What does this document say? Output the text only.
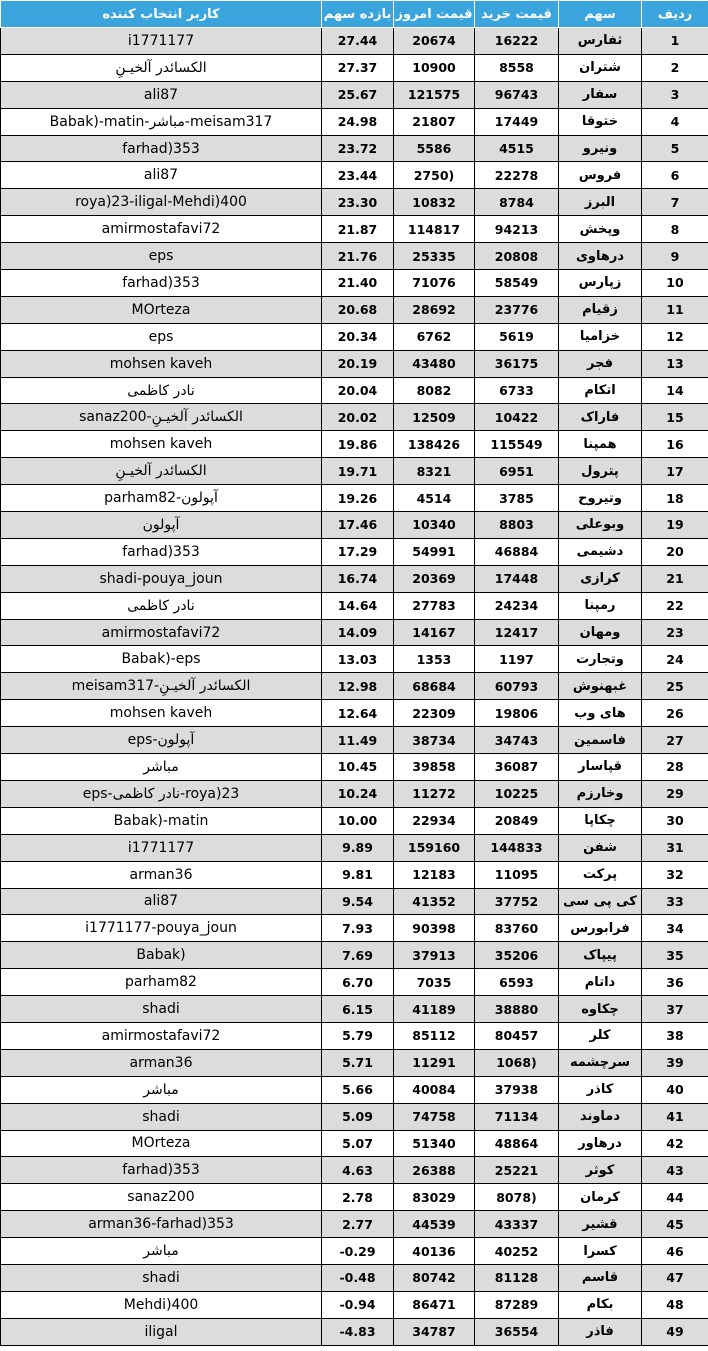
ردیف	سهم	قیمت خرید	قیمت امروز	بازده سهم	کاربر انتخاب کننده
1	ثفارس	16222	20674	27.44	i1771177
2	شتران	8558	10900	27.37	الکسائدر آلخیـنِ
3	سفار	96743	121575	25.67	ali87
4	ختوقا	17449	21807	24.98	Babak)-matin-مباشر-meisam317
5	ونیرو	4515	5586	23.72	farhad)353
6	فروس	22278	2750)	23.44	ali87
7	البرز	8784	10832	23.30	roya)23-iligal-Mehdi)400
8	وپخش	94213	114817	21.87	amirmostafavi72
9	درهاوی	20808	25335	21.76	eps
10	زپارس	58549	71076	21.40	farhad)353
11	زقیام	23776	28692	20.68	MOrteza
12	خزامیا	5619	6762	20.34	eps
13	فجر	36175	43480	20.19	mohsen kaveh
14	اتکام	6733	8082	20.04	نادر کاظمی
15	فاراک	10422	12509	20.02	sanaz200-الکسائدر آلخیـنِ
16	همپنا	115549	138426	19.86	mohsen kaveh
17	پترول	6951	8321	19.71	الکسائدر آلخیـنِ
18	وتیروح	3785	4514	19.26	parham82-آپولون
19	وبوعلی	8803	10340	17.46	آپولون
20	دشیمی	46884	54991	17.29	farhad)353
21	کرازی	17448	20369	16.74	shadi-pouya_joun
22	رمپنا	24234	27783	14.64	نادر کاظمی
23	ومهان	12417	14167	14.09	amirmostafavi72
24	وتجارت	1197	1353	13.03	Babak)-eps
25	غبهنوش	60793	68684	12.98	meisam317-الکسائدر آلخیـنِ
26	های وب	19806	22309	12.64	mohsen kaveh
27	فاسمین	34743	38734	11.49	eps-آپولون
28	قپاسار	36087	39858	10.45	مباشر
29	وخارزم	10225	11272	10.24	eps-نادر کاظمی-roya)23
30	چکاپا	20849	22934	10.00	Babak)-matin
31	شفن	144833	159160	9.89	i1771177
32	پرکت	11095	12183	9.81	arman36
33	کی پی سی	37752	41352	9.54	ali87
34	فرابورس	83760	90398	7.93	i1771177-pouya_joun
35	پیپاک	35206	37913	7.69	Babak)
36	داتام	6593	7035	6.70	parham82
37	چکاوه	38880	41189	6.15	shadi
38	کلر	80457	85112	5.79	amirmostafavi72
39	سرچشمه	1068)	11291	5.71	arman36
40	کاذر	37938	40084	5.66	مباشر
41	دماوند	71134	74758	5.09	shadi
42	درهاور	48864	51340	5.07	MOrteza
43	کوثر	25221	26388	4.63	farhad)353
44	کرمان	8078)	83029	2.78	sanaz200
45	قشیر	43337	44539	2.77	arman36-farhad)353
46	کسرا	40252	40136	-0.29	مباشر
47	قاسم	81128	80742	-0.48	shadi
48	بکام	87289	86471	-0.94	Mehdi)400
49	فاذر	36554	34787	-4.83	iligal
